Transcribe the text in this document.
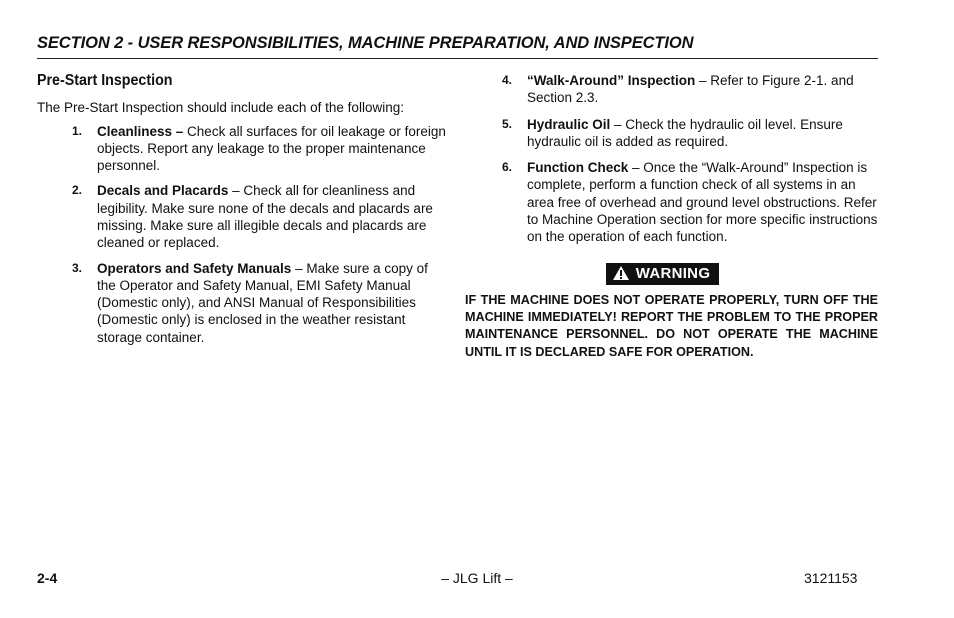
SECTION 2 - USER RESPONSIBILITIES, MACHINE PREPARATION, AND INSPECTION
Pre-Start Inspection

The Pre-Start Inspection should include each of the following:

1. Cleanliness – Check all surfaces for oil leakage or foreign objects. Report any leakage to the proper maintenance personnel.
2. Decals and Placards – Check all for cleanliness and legibility. Make sure none of the decals and placards are missing. Make sure all illegible decals and placards are cleaned or replaced.
3. Operators and Safety Manuals – Make sure a copy of the Operator and Safety Manual, EMI Safety Manual (Domestic only), and ANSI Manual of Responsibilities (Domestic only) is enclosed in the weather resistant storage container.
4. “Walk-Around” Inspection – Refer to Figure 2-1. and Section 2.3.
5. Hydraulic Oil – Check the hydraulic oil level. Ensure hydraulic oil is added as required.
6. Function Check – Once the “Walk-Around” Inspection is complete, perform a function check of all systems in an area free of overhead and ground level obstructions. Refer to Machine Operation section for more specific instructions on the operation of each function.
WARNING
IF THE MACHINE DOES NOT OPERATE PROPERLY, TURN OFF THE MACHINE IMMEDIATELY! REPORT THE PROBLEM TO THE PROPER MAINTENANCE PERSONNEL. DO NOT OPERATE THE MACHINE UNTIL IT IS DECLARED SAFE FOR OPERATION.
2-4	– JLG Lift –	3121153
